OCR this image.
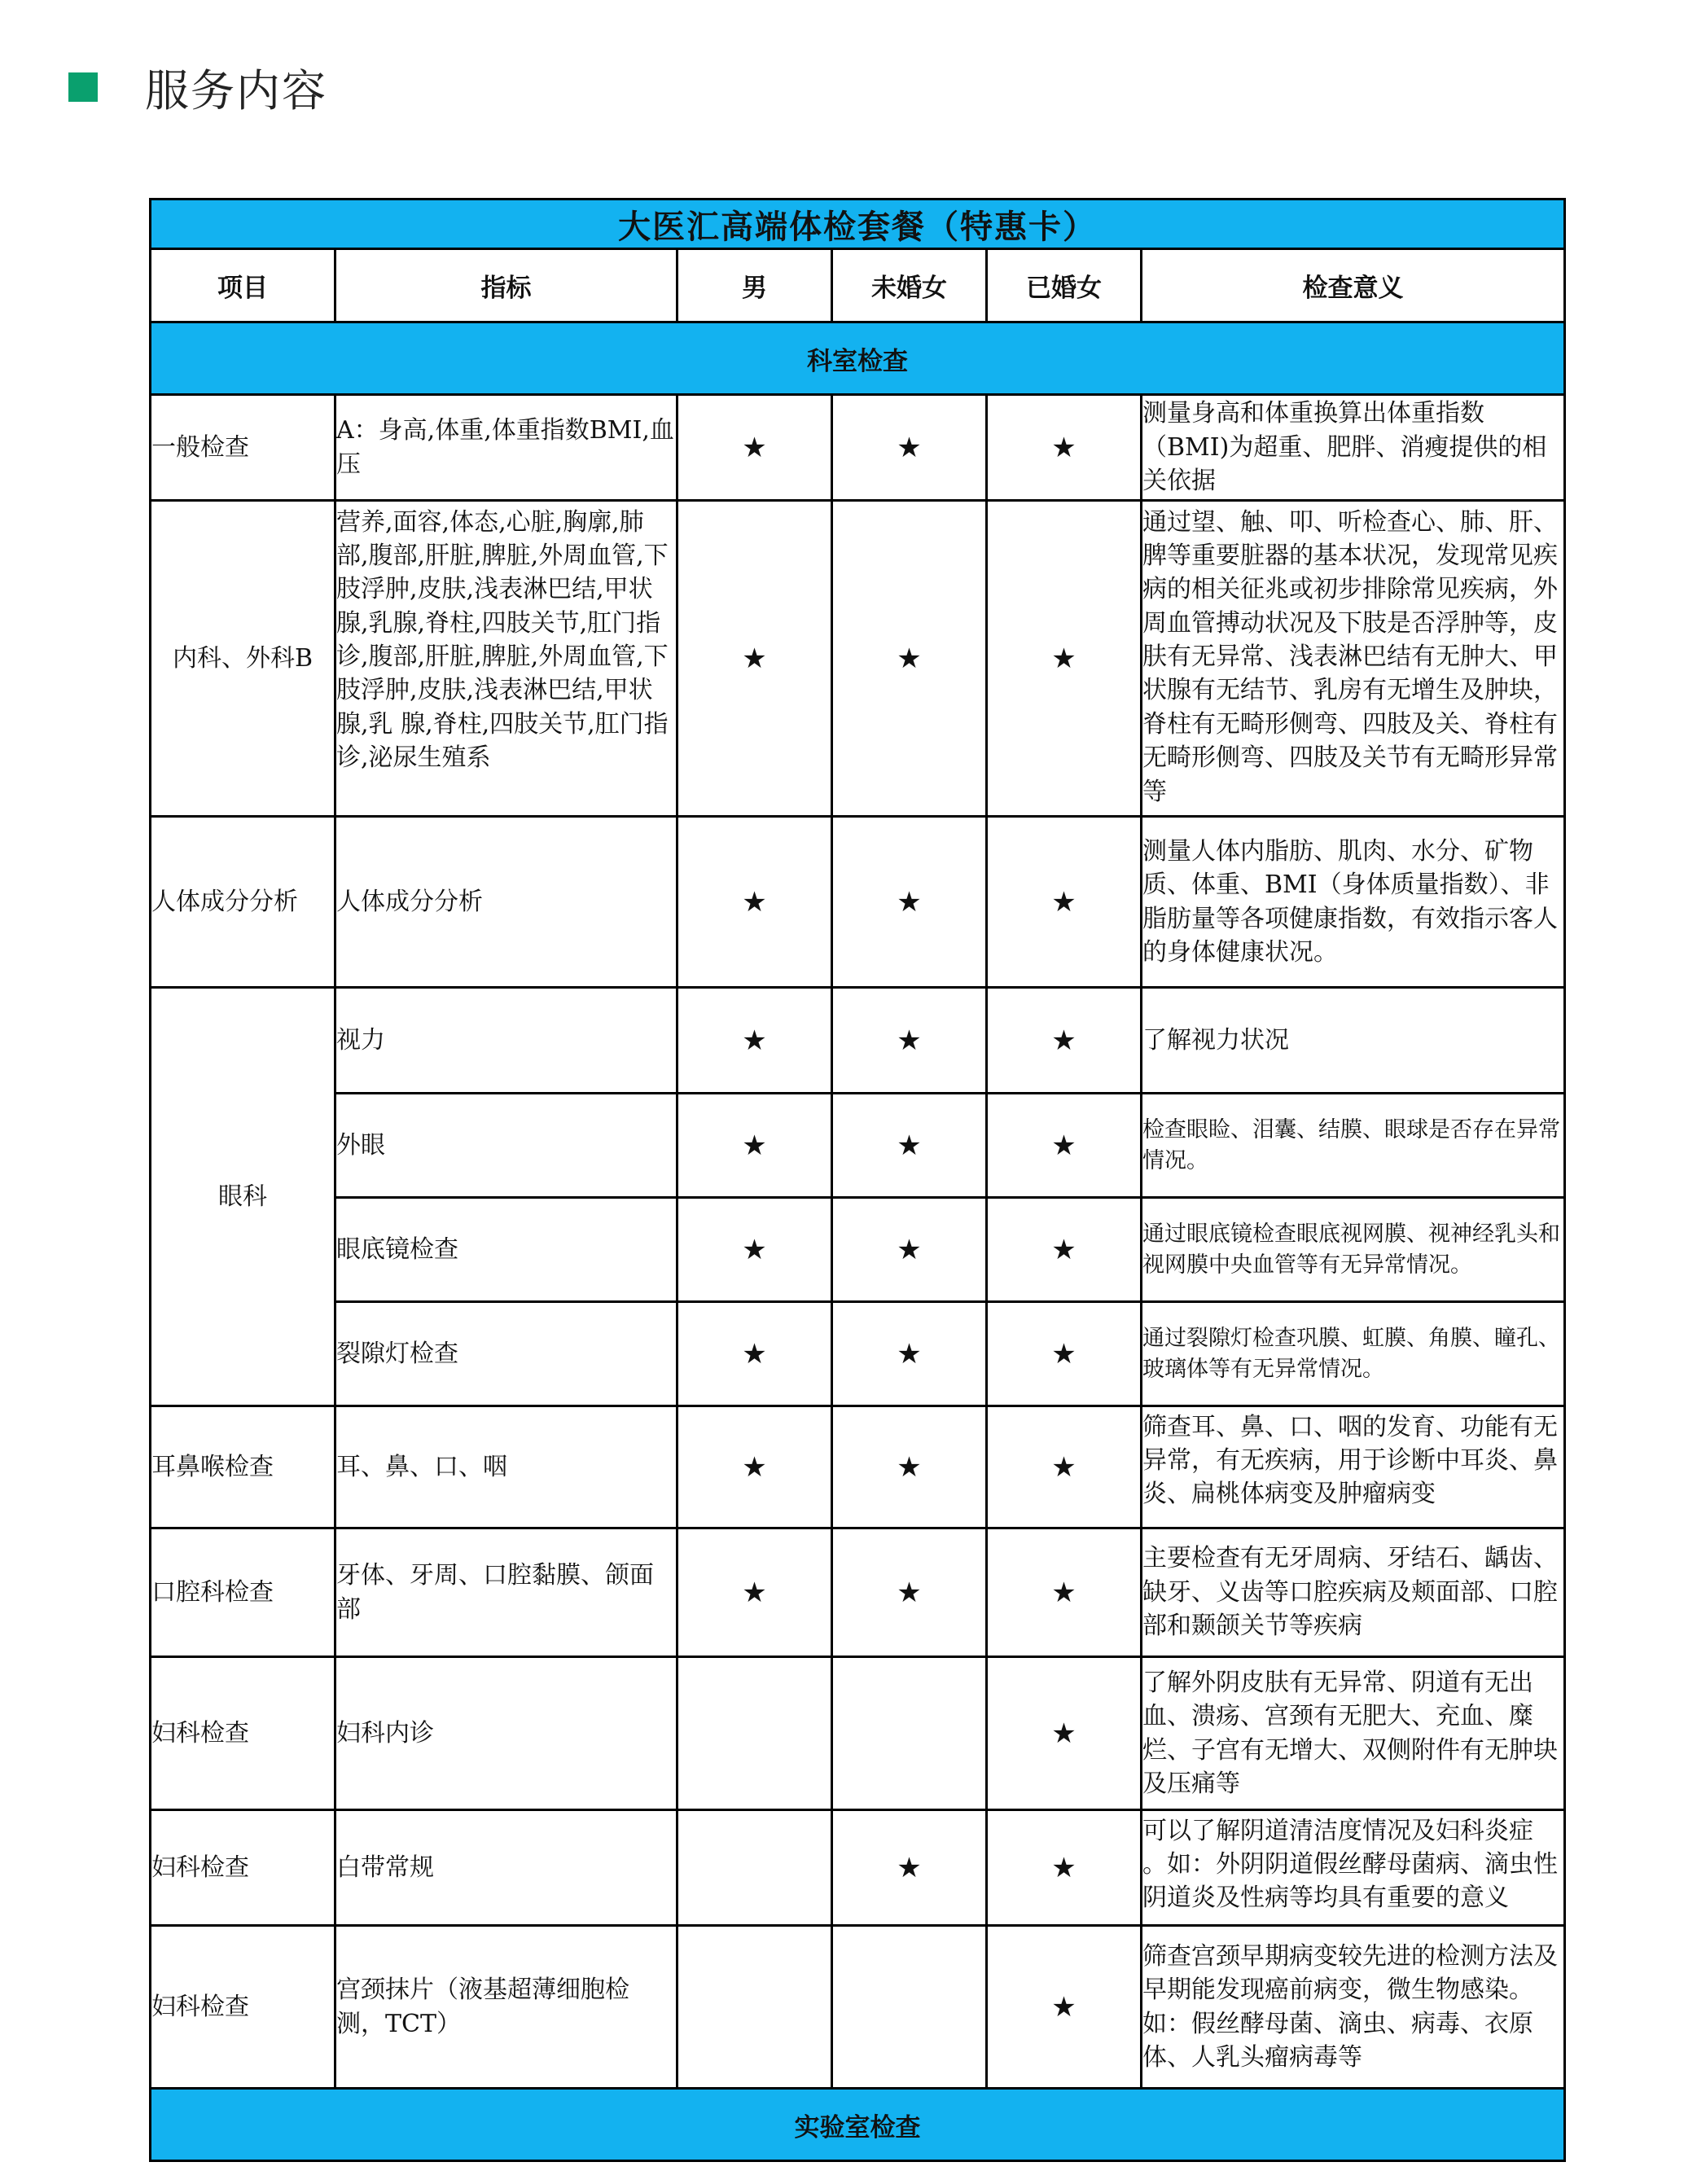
服务内容
大医汇高端体检套餐（特惠卡）					
项目	指标	男	未婚女	已婚女	检查意义
科室检查					
一般检查	A：身高,体重,体重指数BMI,血压	★	★	★	测量身高和体重换算出体重指数（BMI)为超重、肥胖、消瘦提供的相关依据
内科、外科B	营养,面容,体态,心脏,胸廓,肺部,腹部,肝脏,脾脏,外周血管,下肢浮肿,皮肤,浅表淋巴结,甲状腺,乳腺,脊柱,四肢关节,肛门指诊,腹部,肝脏,脾脏,外周血管,下肢浮肿,皮肤,浅表淋巴结,甲状腺,乳 腺,脊柱,四肢关节,肛门指诊,泌尿生殖系	★	★	★	通过望、触、叩、听检查心、肺、肝、脾等重要脏器的基本状况，发现常见疾病的相关征兆或初步排除常见疾病，外周血管搏动状况及下肢是否浮肿等，皮肤有无异常、浅表淋巴结有无肿大、甲状腺有无结节、乳房有无增生及肿块，脊柱有无畸形侧弯、四肢及关、脊柱有无畸形侧弯、四肢及关节有无畸形异常等

人体成分分析	人体成分分析	★	★	★	测量人体内脂肪、肌肉、水分、矿物质、体重、BMI（身体质量指数）、非脂肪量等各项健康指数，有效指示客人的身体健康状况。
眼科	视力	★	★	★	了解视力状况
	外眼	★	★	★	检查眼睑、泪囊、结膜、眼球是否存在异常情况。
	眼底镜检查	★	★	★	通过眼底镜检查眼底视网膜、视神经乳头和视网膜中央血管等有无异常情况。
	裂隙灯检查	★	★	★	通过裂隙灯检查巩膜、虹膜、角膜、瞳孔、玻璃体等有无异常情况。
耳鼻喉检查	耳、鼻、口、咽	★	★	★	筛查耳、鼻、口、咽的发育、功能有无异常，有无疾病，用于诊断中耳炎、鼻炎、扁桃体病变及肿瘤病变

口腔科检查	牙体、牙周、口腔黏膜、颌面部	★	★	★	主要检查有无牙周病、牙结石、龋齿、缺牙、义齿等口腔疾病及颊面部、口腔部和颞颌关节等疾病
妇科检查	妇科内诊			★	了解外阴皮肤有无异常、阴道有无出血、溃疡、宫颈有无肥大、充血、糜烂、子宫有无增大、双侧附件有无肿块及压痛等
妇科检查	白带常规		★	★	可以了解阴道清洁度情况及妇科炎症 。如：外阴阴道假丝酵母菌病、滴虫性阴道炎及性病等均具有重要的意义

妇科检查	宫颈抹片（液基超薄细胞检测，TCT）			★	筛查宫颈早期病变较先进的检测方法及早期能发现癌前病变，微生物感染。如：假丝酵母菌、滴虫、病毒、衣原体、人乳头瘤病毒等
实验室检查					
